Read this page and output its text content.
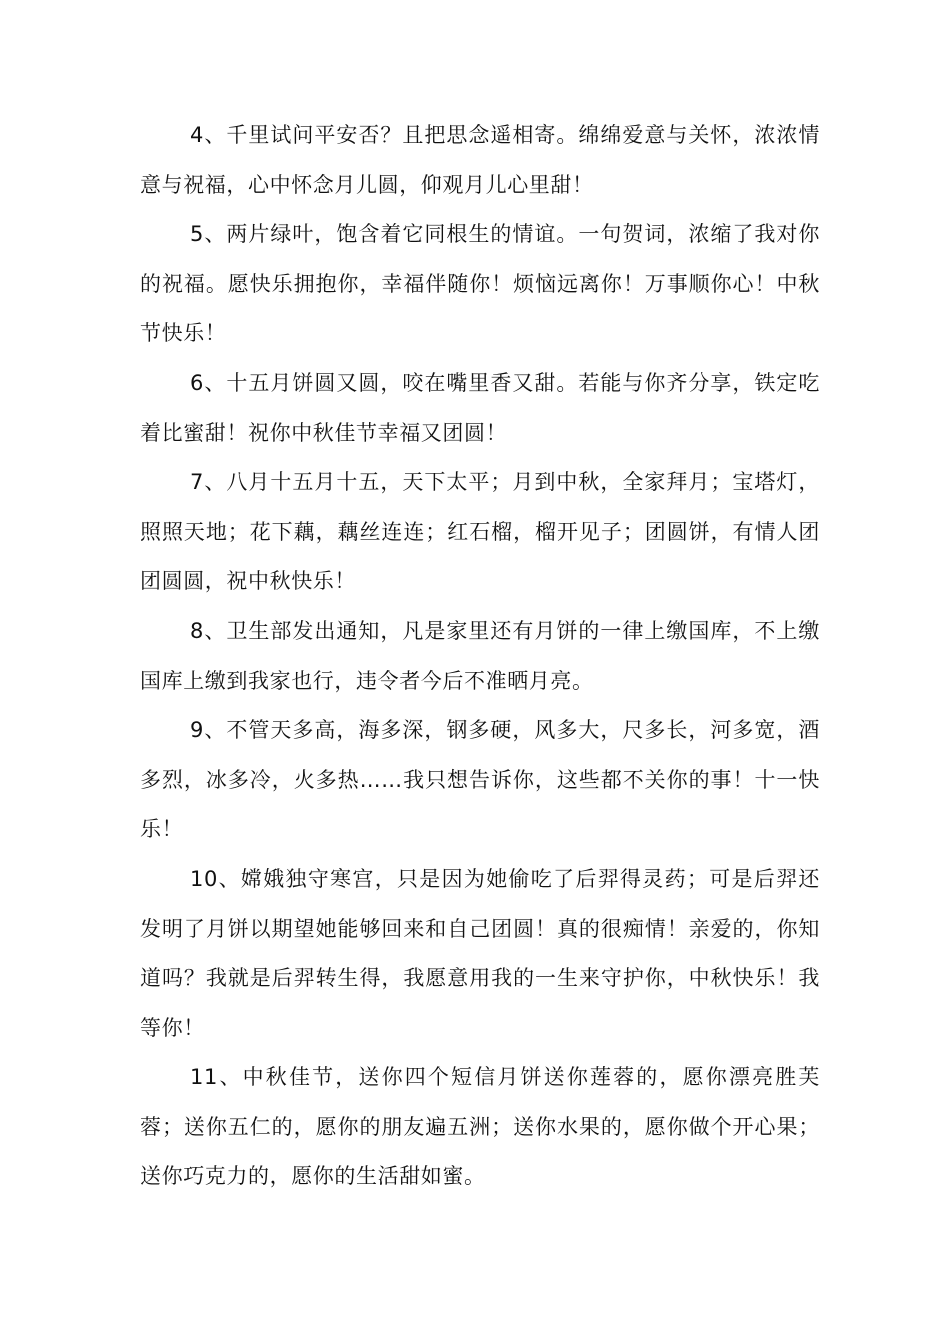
4、千里试问平安否？且把思念遥相寄。绵绵爱意与关怀，浓浓情意与祝福，心中怀念月儿圆，仰观月儿心里甜！

5、两片绿叶，饱含着它同根生的情谊。一句贺词，浓缩了我对你的祝福。愿快乐拥抱你，幸福伴随你！烦恼远离你！万事顺你心！中秋节快乐！

6、十五月饼圆又圆，咬在嘴里香又甜。若能与你齐分享，铁定吃着比蜜甜！祝你中秋佳节幸福又团圆！

7、八月十五月十五，天下太平；月到中秋，全家拜月；宝塔灯，照照天地；花下藕，藕丝连连；红石榴，榴开见子；团圆饼，有情人团团圆圆，祝中秋快乐！

8、卫生部发出通知，凡是家里还有月饼的一律上缴国库，不上缴国库上缴到我家也行，违令者今后不准晒月亮。

9、不管天多高，海多深，钢多硬，风多大，尺多长，河多宽，酒多烈，冰多冷，火多热……我只想告诉你，这些都不关你的事！十一快乐！

10、嫦娥独守寒宫，只是因为她偷吃了后羿得灵药；可是后羿还发明了月饼以期望她能够回来和自己团圆！真的很痴情！亲爱的，你知道吗？我就是后羿转生得，我愿意用我的一生来守护你，中秋快乐！我等你！

11、中秋佳节，送你四个短信月饼送你莲蓉的，愿你漂亮胜芙蓉；送你五仁的，愿你的朋友遍五洲；送你水果的，愿你做个开心果；送你巧克力的，愿你的生活甜如蜜。
